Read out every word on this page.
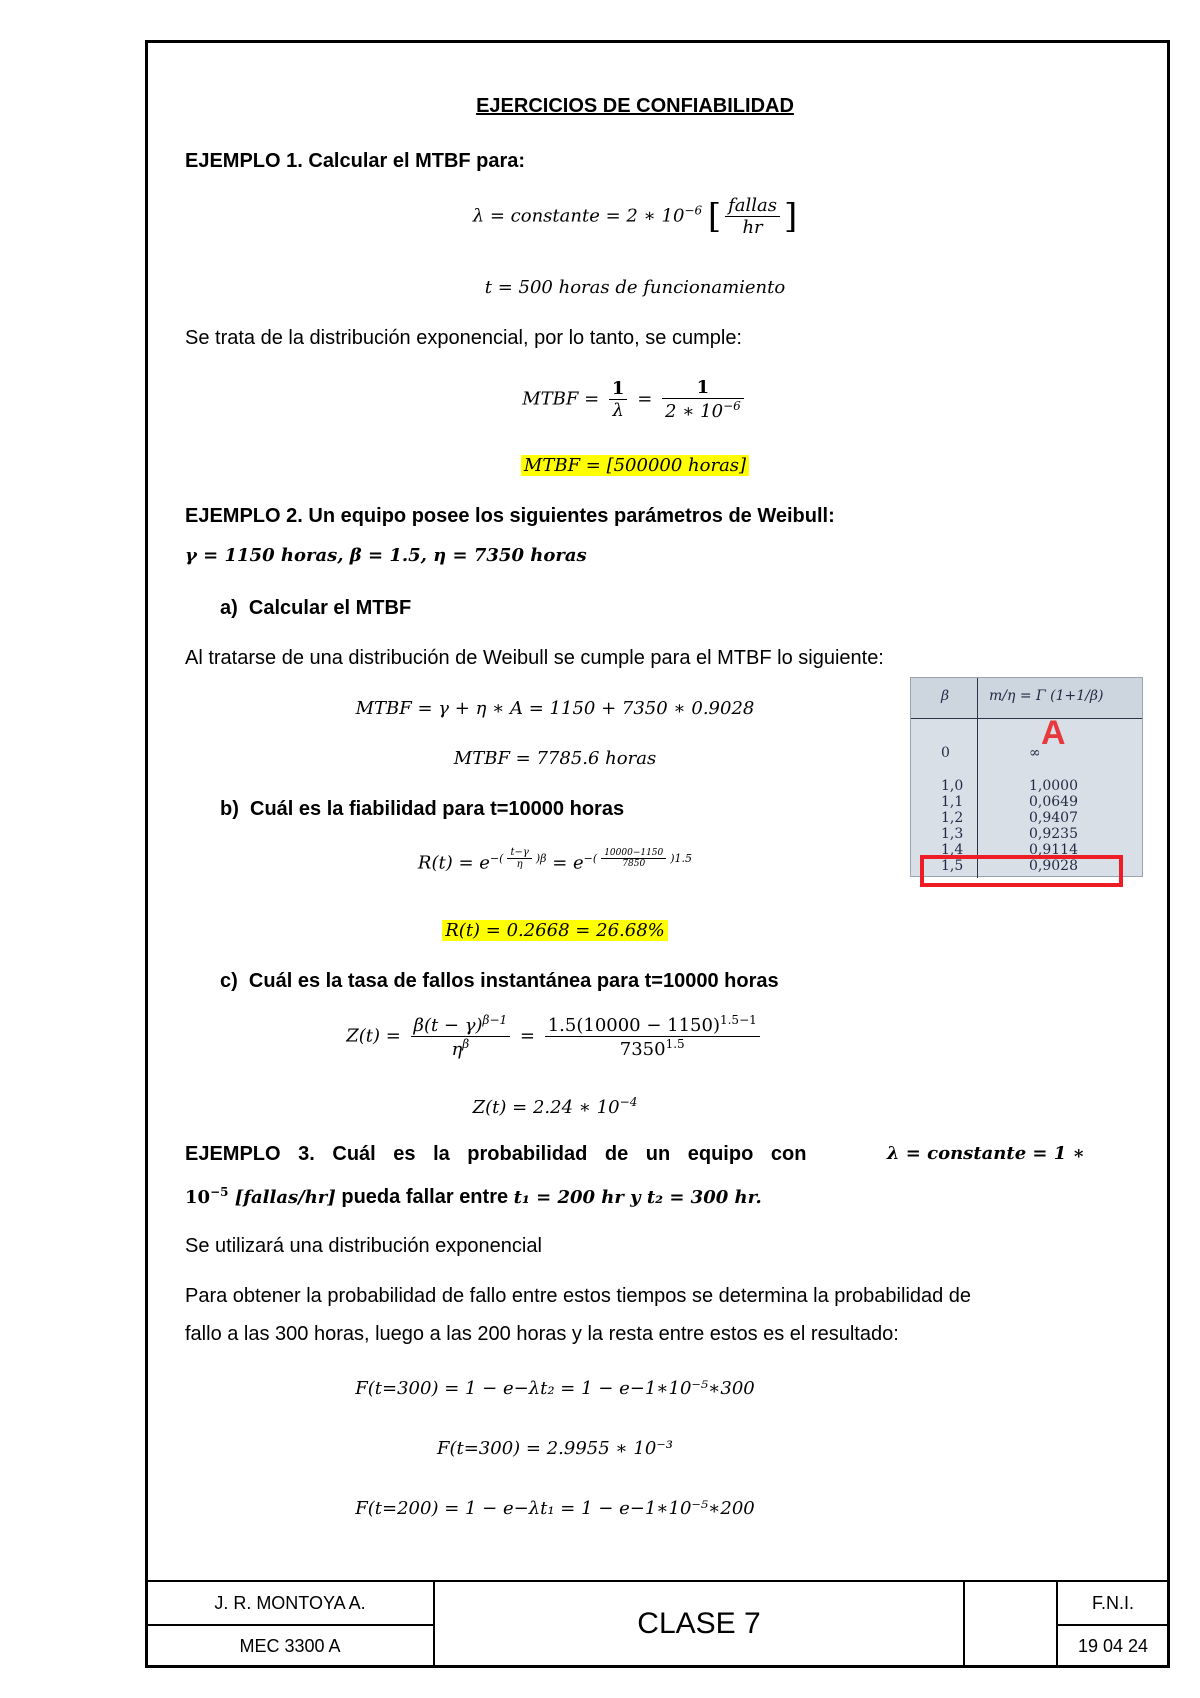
EJERCICIOS DE CONFIABILIDAD
EJEMPLO 1. Calcular el MTBF para:
λ = constante = 2 ∗ $10^{-6}$ [ $\frac{\text{fallas}}{hr}$ ]
t = 500 horas de funcionamiento
Se trata de la distribución exponencial, por lo tanto, se cumple:
MTBF = $\frac{1}{\lambda} = \frac{1}{2 ∗ 10^{-6}}$
MTBF = [500000 horas]
EJEMPLO 2. Un equipo posee los siguientes parámetros de Weibull:
γ = 1150 horas, β = 1.5, η = 7350 horas
a) Calcular el MTBF
Al tratarse de una distribución de Weibull se cumple para el MTBF lo siguiente:
MTBF = γ + η ∗ A = 1150 + 7350 ∗ 0.9028
MTBF = 7785.6 horas
b) Cuál es la fiabilidad para t=10000 horas
$R(t) = e^{-( \frac{t-\gamma}{\eta} )\beta} = e^{-( \frac{10000-1150}{7850} )1.5}$
R(t) = 0.2668 = 26.68%
c) Cuál es la tasa de fallos instantánea para t=10000 horas
$Z(t) = \frac{\beta(t - \gamma)^{\beta-1}}{\eta^\beta} = \frac{1.5(10000 - 1150)^{1.5-1}}{7350^{1.5}}$
Z(t) = 2.24 ∗ $10^{-4}$
EJEMPLO 3. Cuál es la probabilidad de un equipo con	λ = constante = 1 ∗
$10^{-5}$ [fallas/hr] pueda fallar entre t₁ = 200 hr y t₂ = 300 hr.
Se utilizará una distribución exponencial
Para obtener la probabilidad de fallo entre estos tiempos se determina la probabilidad de
fallo a las 300 horas, luego a las 200 horas y la resta entre estos es el resultado:
F(t=300) = 1 − e−λt₂ = 1 − e−1∗10⁻⁵∗300
F(t=300) = 2.9955 ∗ 10⁻³
F(t=200) = 1 − e−λt₁ = 1 − e−1∗10⁻⁵∗200
β	m/η = Γ (1+1/β)
A
0	∞
1,0	1,0000
1,1	0,0649
1,2	0,9407
1,3	0,9235
1,4	0,9114
1,5	0,9028
J. R. MONTOYA A.
MEC 3300 A
CLASE 7
F.N.I.
19 04 24
